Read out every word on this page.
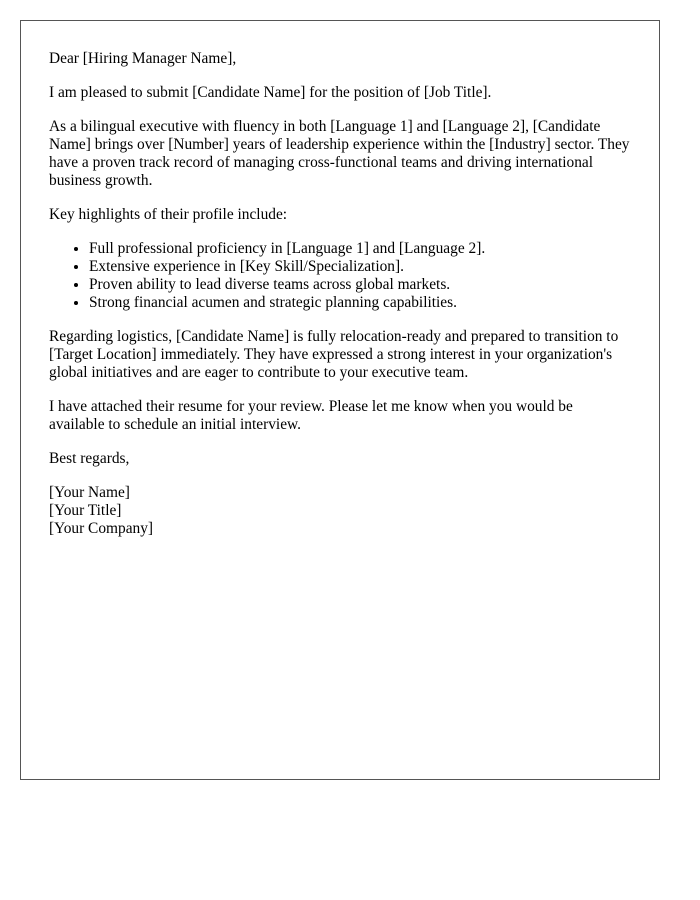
Dear [Hiring Manager Name],

I am pleased to submit [Candidate Name] for the position of [Job Title].

As a bilingual executive with fluency in both [Language 1] and [Language 2], [Candidate Name] brings over [Number] years of leadership experience within the [Industry] sector. They have a proven track record of managing cross-functional teams and driving international business growth.

Key highlights of their profile include:

• Full professional proficiency in [Language 1] and [Language 2].
• Extensive experience in [Key Skill/Specialization].
• Proven ability to lead diverse teams across global markets.
• Strong financial acumen and strategic planning capabilities.

Regarding logistics, [Candidate Name] is fully relocation-ready and prepared to transition to [Target Location] immediately. They have expressed a strong interest in your organization's global initiatives and are eager to contribute to your executive team.

I have attached their resume for your review. Please let me know when you would be available to schedule an initial interview.

Best regards,

[Your Name]
[Your Title]
[Your Company]
